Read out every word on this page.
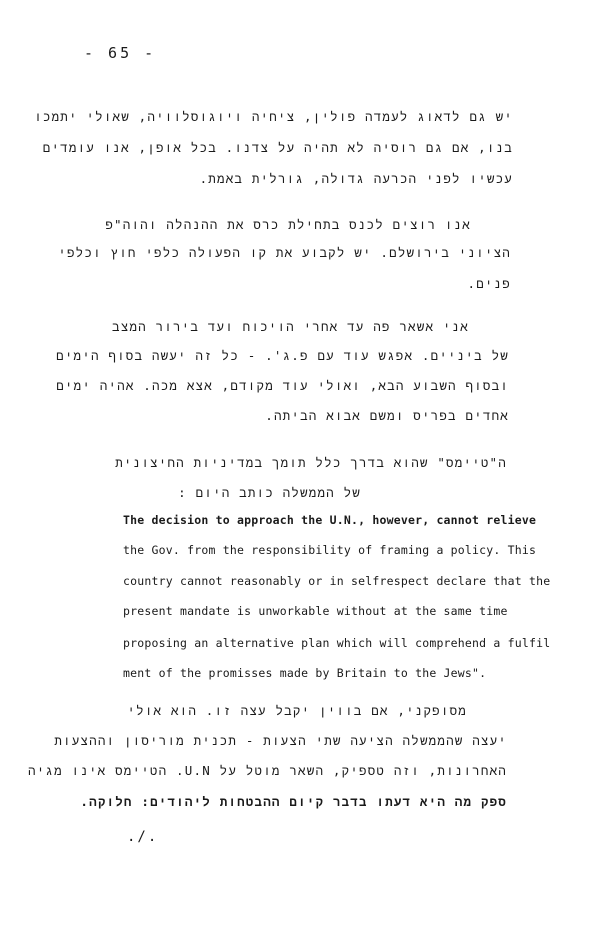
- 65 -
יש גם לדאוג לעמדה פולין, ציחיה ויוגוסלוויה, שאולי יתמכו
בנו, אם גם רוסיה לא תהיה על צדנו. בכל אופן, אנו עומדים
עכשיו לפני הכרעה גדולה, גורלית באמת.
אנו רוצים לכנס בתחילת כרס את ההנהלה והוה"פ
הציוני בירושלם. יש לקבוע את קו הפעולה כלפי חוץ וכלפי
פנים.
אני אשאר פה עד אחרי הויכוח ועד בירור המצב
של ביניים. אפגש עוד עם פ.ג'. - כל זה יעשה בסוף הימים
ובסוף השבוע הבא, ואולי עוד מקודם, אצא מכה. אהיה ימים
אחדים בפריס ומשם אבוא הביתה.
ה"טיימס" שהוא בדרך כלל תומך במדיניות החיצונית
של הממשלה כותב היום :
The decision to approach the U.N., however, cannot relieve
the Gov. from the responsibility of framing a policy. This
country cannot reasonably or in selfrespect declare that the
present mandate is unworkable without at the same time
proposing an alternative plan which will comprehend a fulfil
ment of the promisses made by Britain to the Jews".
מסופקני, אם בווין יקבל עצה זו. הוא אולי
יעצה שהממשלה הציעה שתי הצעות - תכנית מוריסון וההצעות
האחרונות, וזה טספיק, השאר מוטל על U.N. הטיימס אינו מגיה
ספק מה היא דעתו בדבר קיום ההבטחות ליהודים: חלוקה.
./.
